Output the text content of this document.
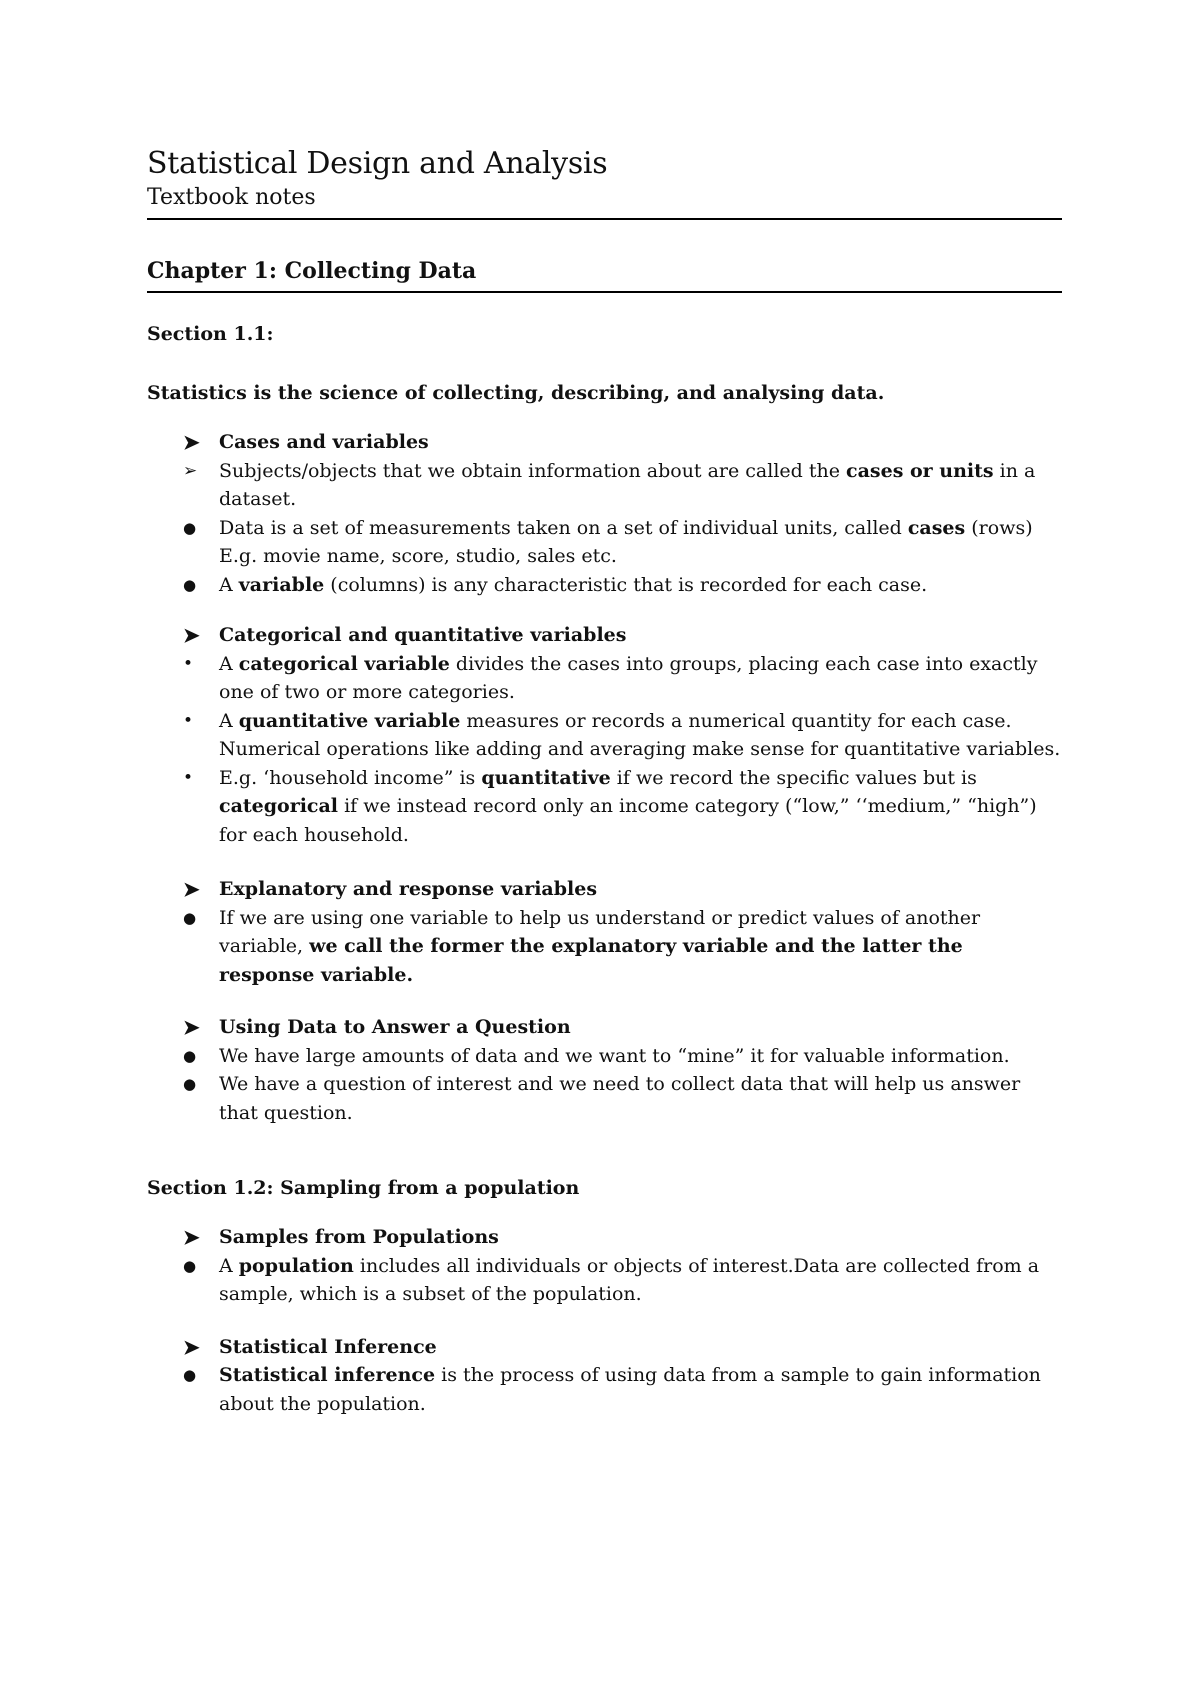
Statistical Design and Analysis
Textbook notes
Chapter 1: Collecting Data
Section 1.1:
Statistics is the science of collecting, describing, and analysing data.
➤	Cases and variables
➢	Subjects/objects that we obtain information about are called the cases or units in a dataset.
●	Data is a set of measurements taken on a set of individual units, called cases (rows) E.g. movie name, score, studio, sales etc.
●	A variable (columns) is any characteristic that is recorded for each case.
➤	Categorical and quantitative variables
•	A categorical variable divides the cases into groups, placing each case into exactly one of two or more categories.
•	A quantitative variable measures or records a numerical quantity for each case. Numerical operations like adding and averaging make sense for quantitative variables.
•	E.g. ‘household income” is quantitative if we record the specific values but is categorical if we instead record only an income category (“low,” ‘‘medium,” “high”) for each household.
➤	Explanatory and response variables
●	If we are using one variable to help us understand or predict values of another variable, we call the former the explanatory variable and the latter the response variable.
➤	Using Data to Answer a Question
●	We have large amounts of data and we want to “mine” it for valuable information.
●	We have a question of interest and we need to collect data that will help us answer that question.
Section 1.2: Sampling from a population
➤	Samples from Populations
●	A population includes all individuals or objects of interest.Data are collected from a sample, which is a subset of the population.
➤	Statistical Inference
●	Statistical inference is the process of using data from a sample to gain information about the population.
